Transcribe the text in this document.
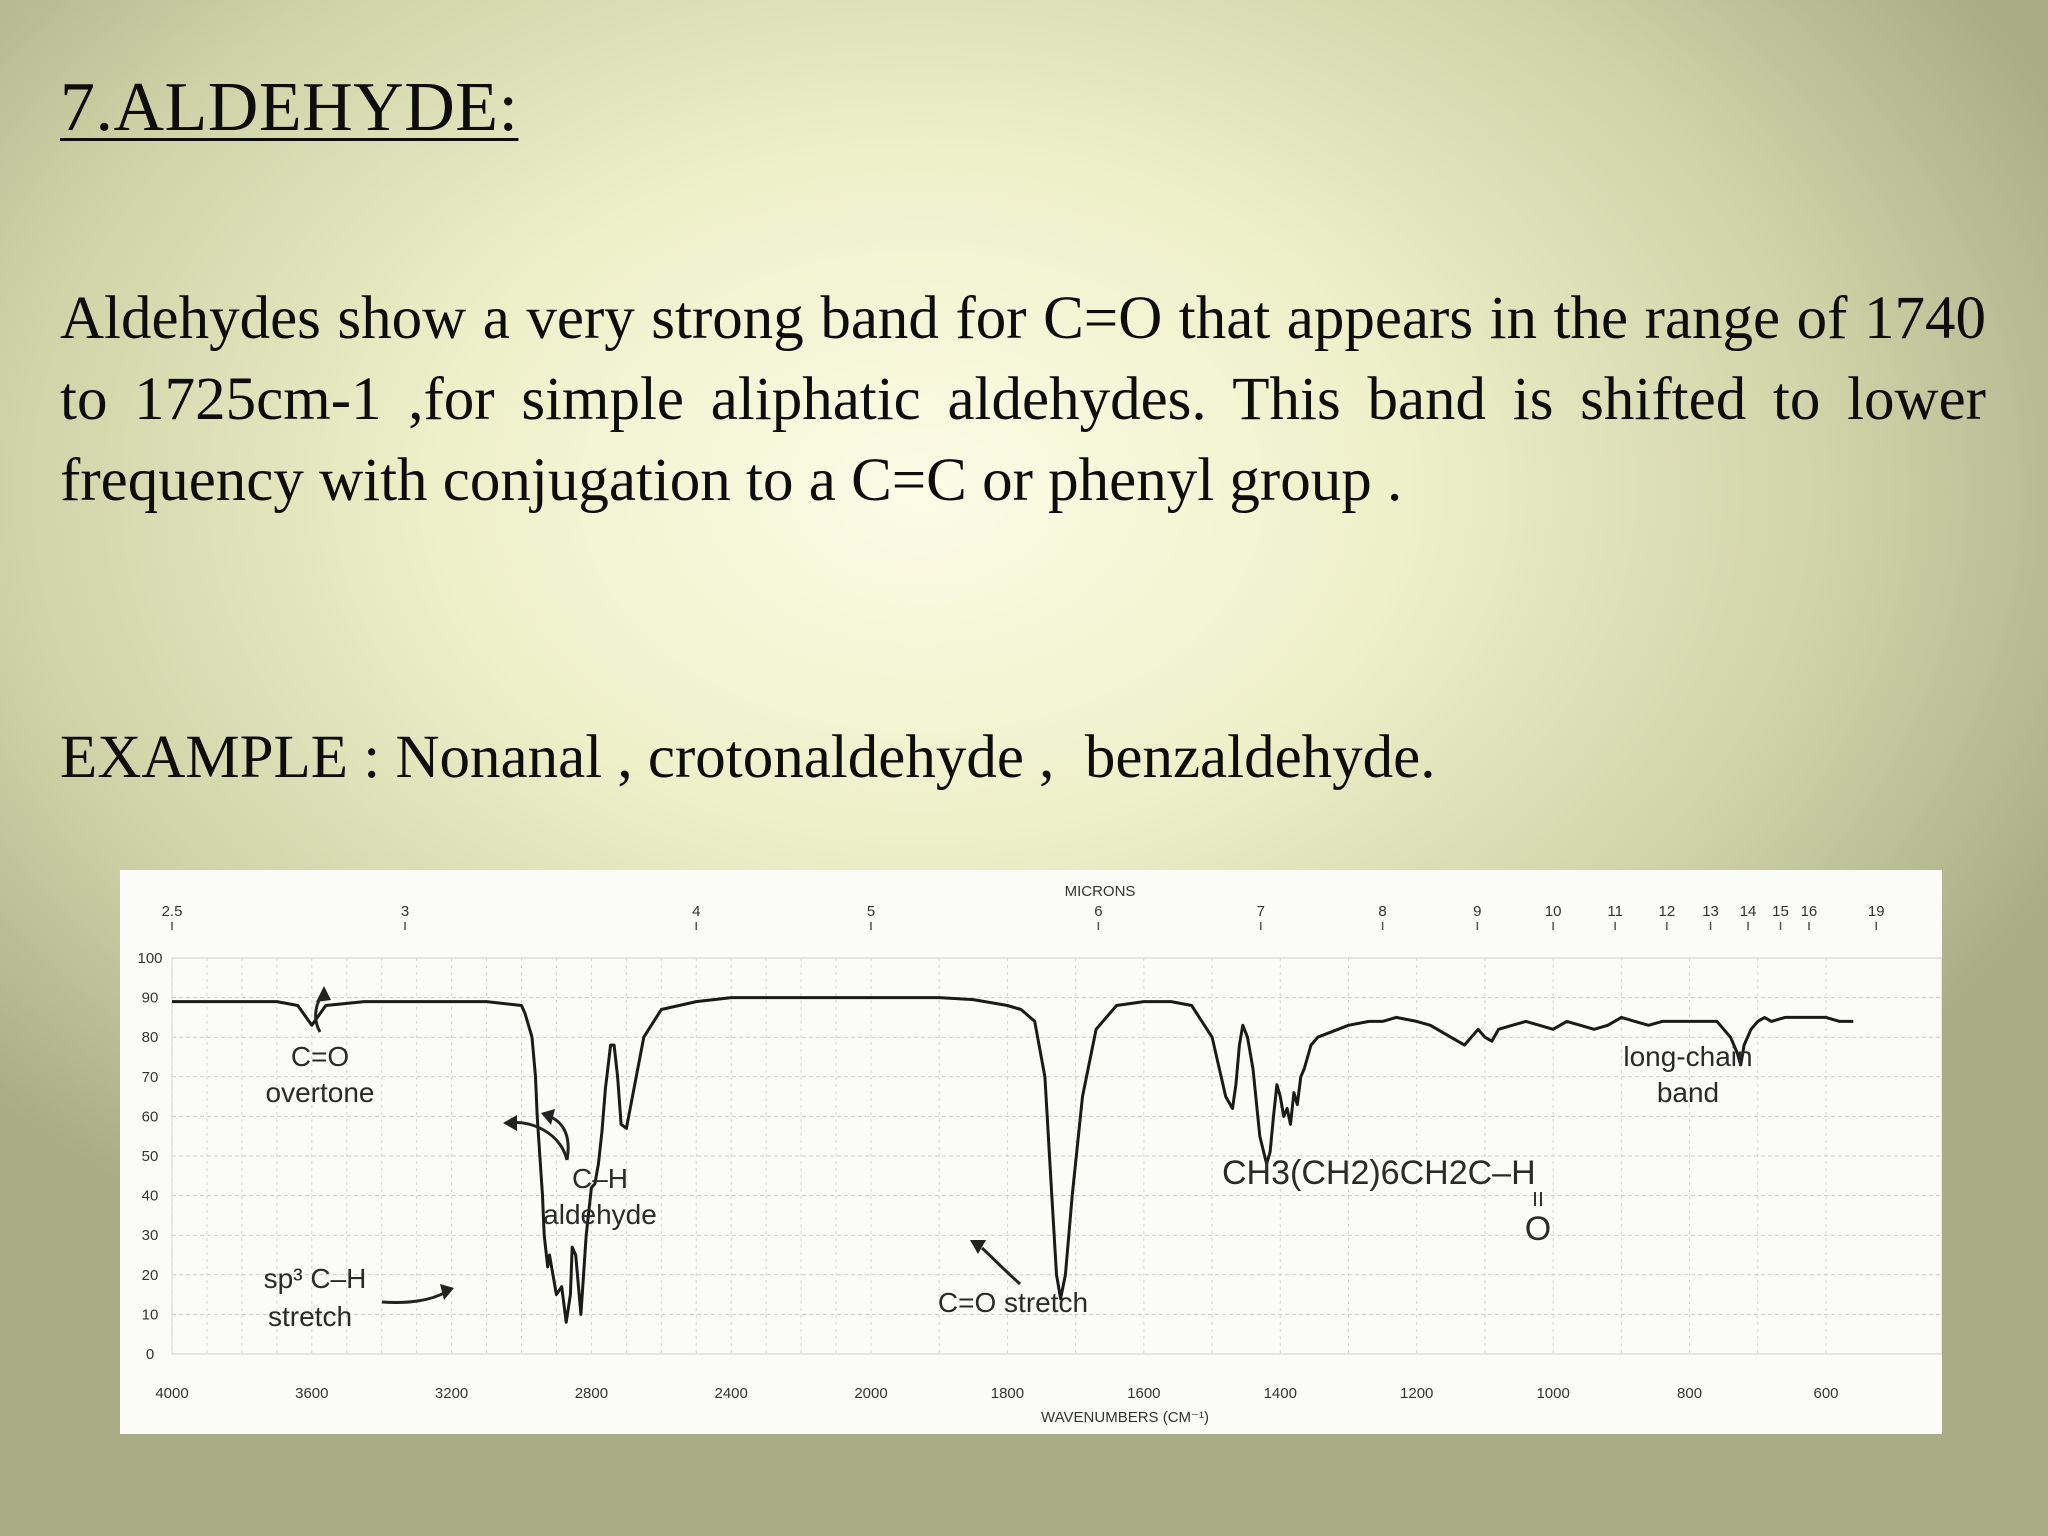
7.ALDEHYDE:

Aldehydes show a very strong band for C=O that appears in the range of 1740 to 1725cm-1 ,for simple aliphatic aldehydes. This band is shifted to lower frequency with conjugation to a C=C or phenyl group .

EXAMPLE : Nonanal , crotonaldehyde ,  benzaldehyde.

4000	3600	3200	2800	2400	2000	1800	1600	1400	1200	1000	800	600
100
90
80
70
60
50
40
30
20
10
0
2.5	3	4	5	6	7	8	9	10	11 12 13 14 15 16	19
MICRONS
WAVENUMBERS (CM⁻¹)
C=O
overtone
C–H
aldehyde
sp³ C–H
stretch	C=O stretch
long-chain
band
CH3(CH2)6CH2C–H
O
